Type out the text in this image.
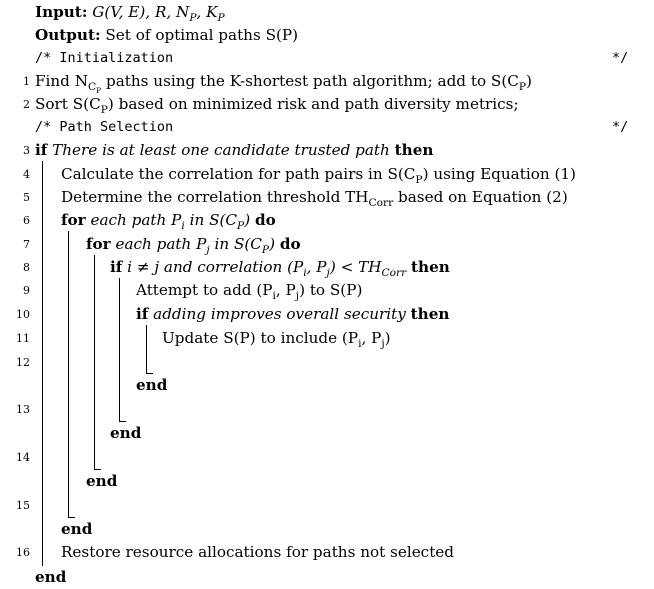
Input: G(V, E), R, $N_P$, $K_P$
Output: Set of optimal paths S(P)
/* Initialization	*/
1 Find $N_{C_P}$ paths using the K-shortest path algorithm; add to $S(C_P)$
2 Sort $S(C_P)$ based on minimized risk and path diversity metrics;
/* Path Selection	*/
3 if There is at least one candidate trusted path then
4 Calculate the correlation for path pairs in $S(C_P)$ using Equation (1)
5 Determine the correlation threshold $TH_{Corr}$ based on Equation (2)
6 for each path $P_i$ in $S(C_P)$ do
7	for each path $P_j$ in $S(C_P)$ do
8	if i ≠ j and correlation ($P_i$, $P_j) < TH_{Corr}$ then
9	Attempt to add ($P_i$, $P_j$) to S(P)
10	if adding improves overall security then
11	Update S(P) to include ($P_i$, $P_j$)
12
end
13
end
14
end
15
end
16 Restore resource allocations for paths not selected
end
